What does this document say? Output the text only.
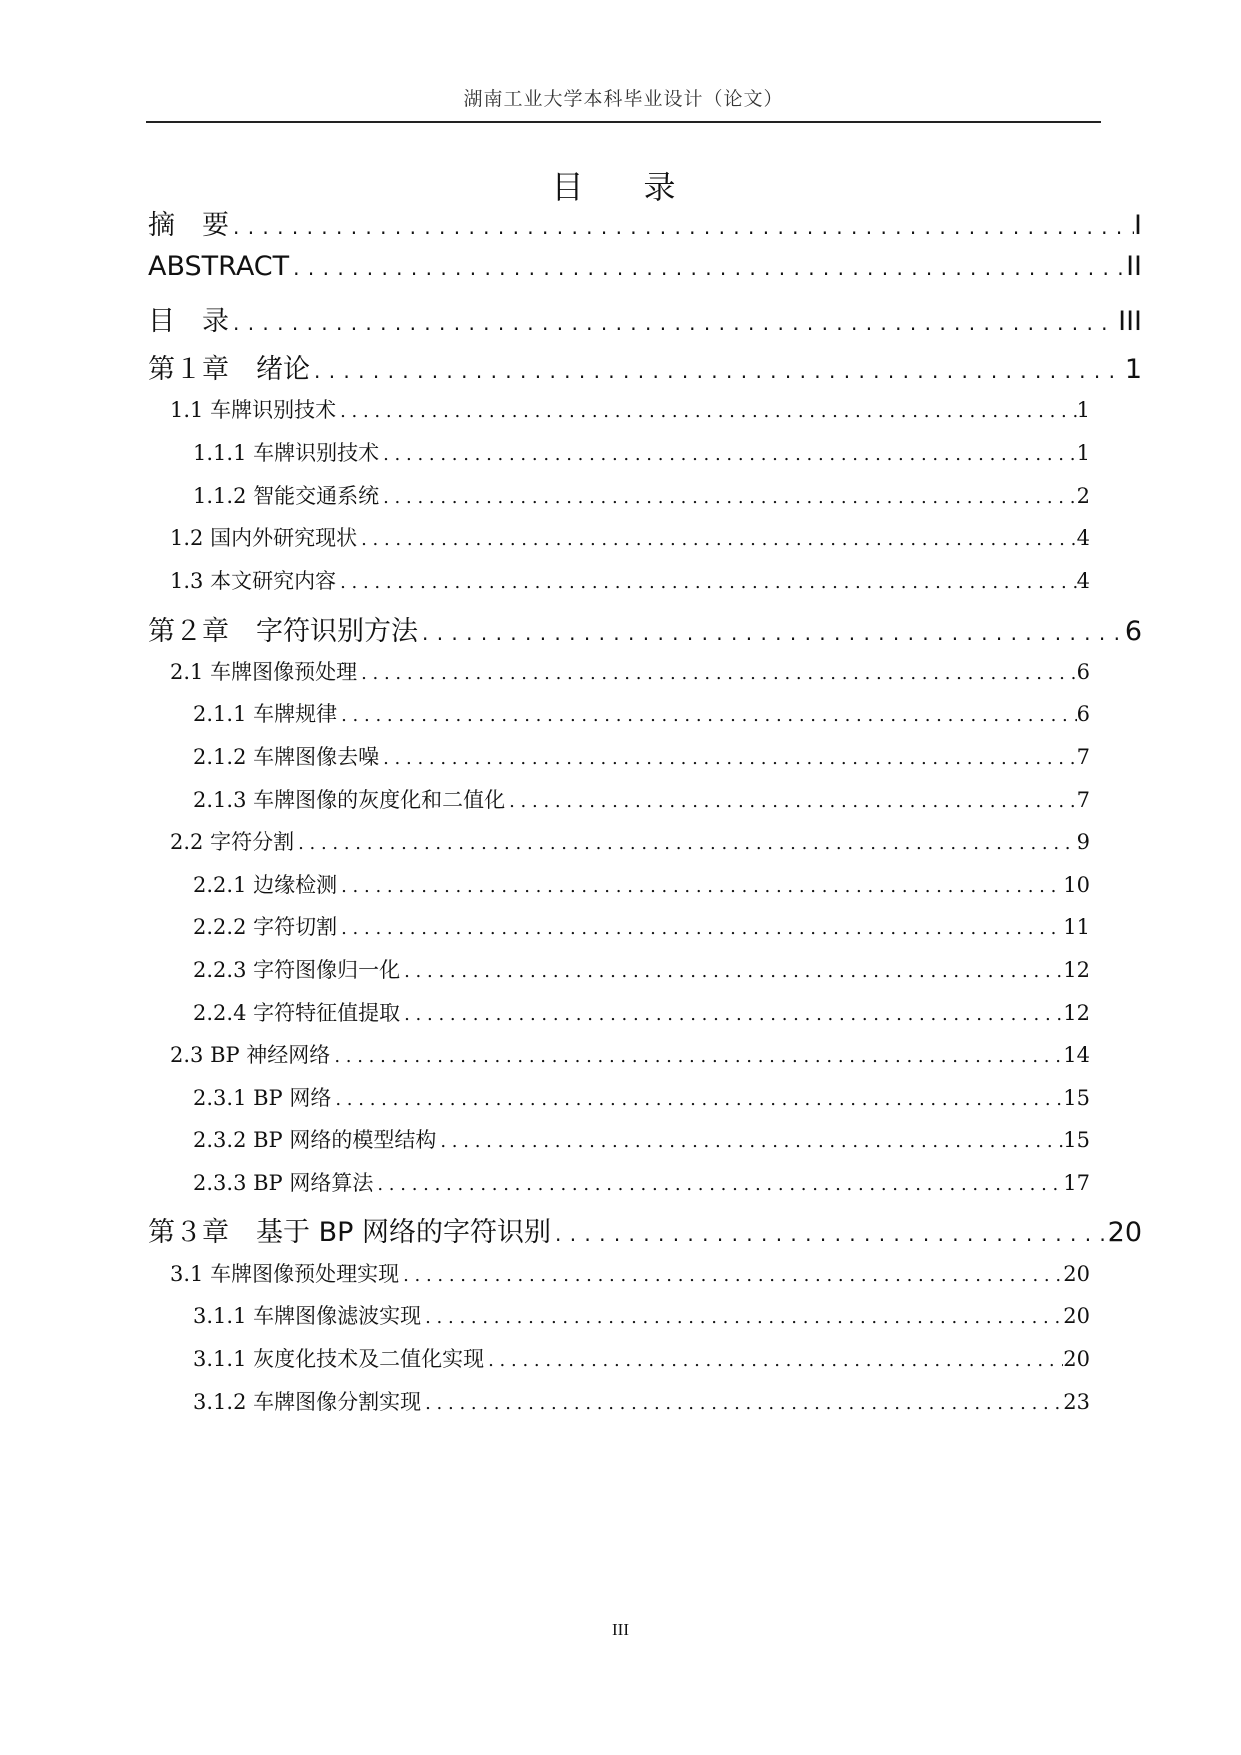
湖南工业大学本科毕业设计（论文）
目　录
摘　要 . . .	I
ABSTRACT . . .	II
目　录 . . .	III
第１章　绪论 . . .	1
1.1 车牌识别技术 . . .	1
1.1.1 车牌识别技术 . . .	1
1.1.2 智能交通系统 . . .	2
1.2 国内外研究现状 . . .	4
1.3 本文研究内容 . . .	4
第２章　字符识别方法 . . .	6
2.1 车牌图像预处理 . . .	6
2.1.1 车牌规律 . . .	6
2.1.2 车牌图像去噪 . . .	7
2.1.3 车牌图像的灰度化和二值化 . . .	7
2.2 字符分割 . . .	9
2.2.1 边缘检测 . . .	10
2.2.2 字符切割 . . .	11
2.2.3 字符图像归一化 . . .	12
2.2.4 字符特征值提取 . . .	12
2.3 BP 神经网络 . . .	14
2.3.1 BP 网络 . . .	15
2.3.2 BP 网络的模型结构 . . .	15
2.3.3 BP 网络算法 . . .	17
第３章　基于 BP 网络的字符识别 . . .	20
3.1 车牌图像预处理实现 . . .	20
3.1.1 车牌图像滤波实现 . . .	20
3.1.1 灰度化技术及二值化实现 . . .	20
3.1.2 车牌图像分割实现 . . .	23
III
